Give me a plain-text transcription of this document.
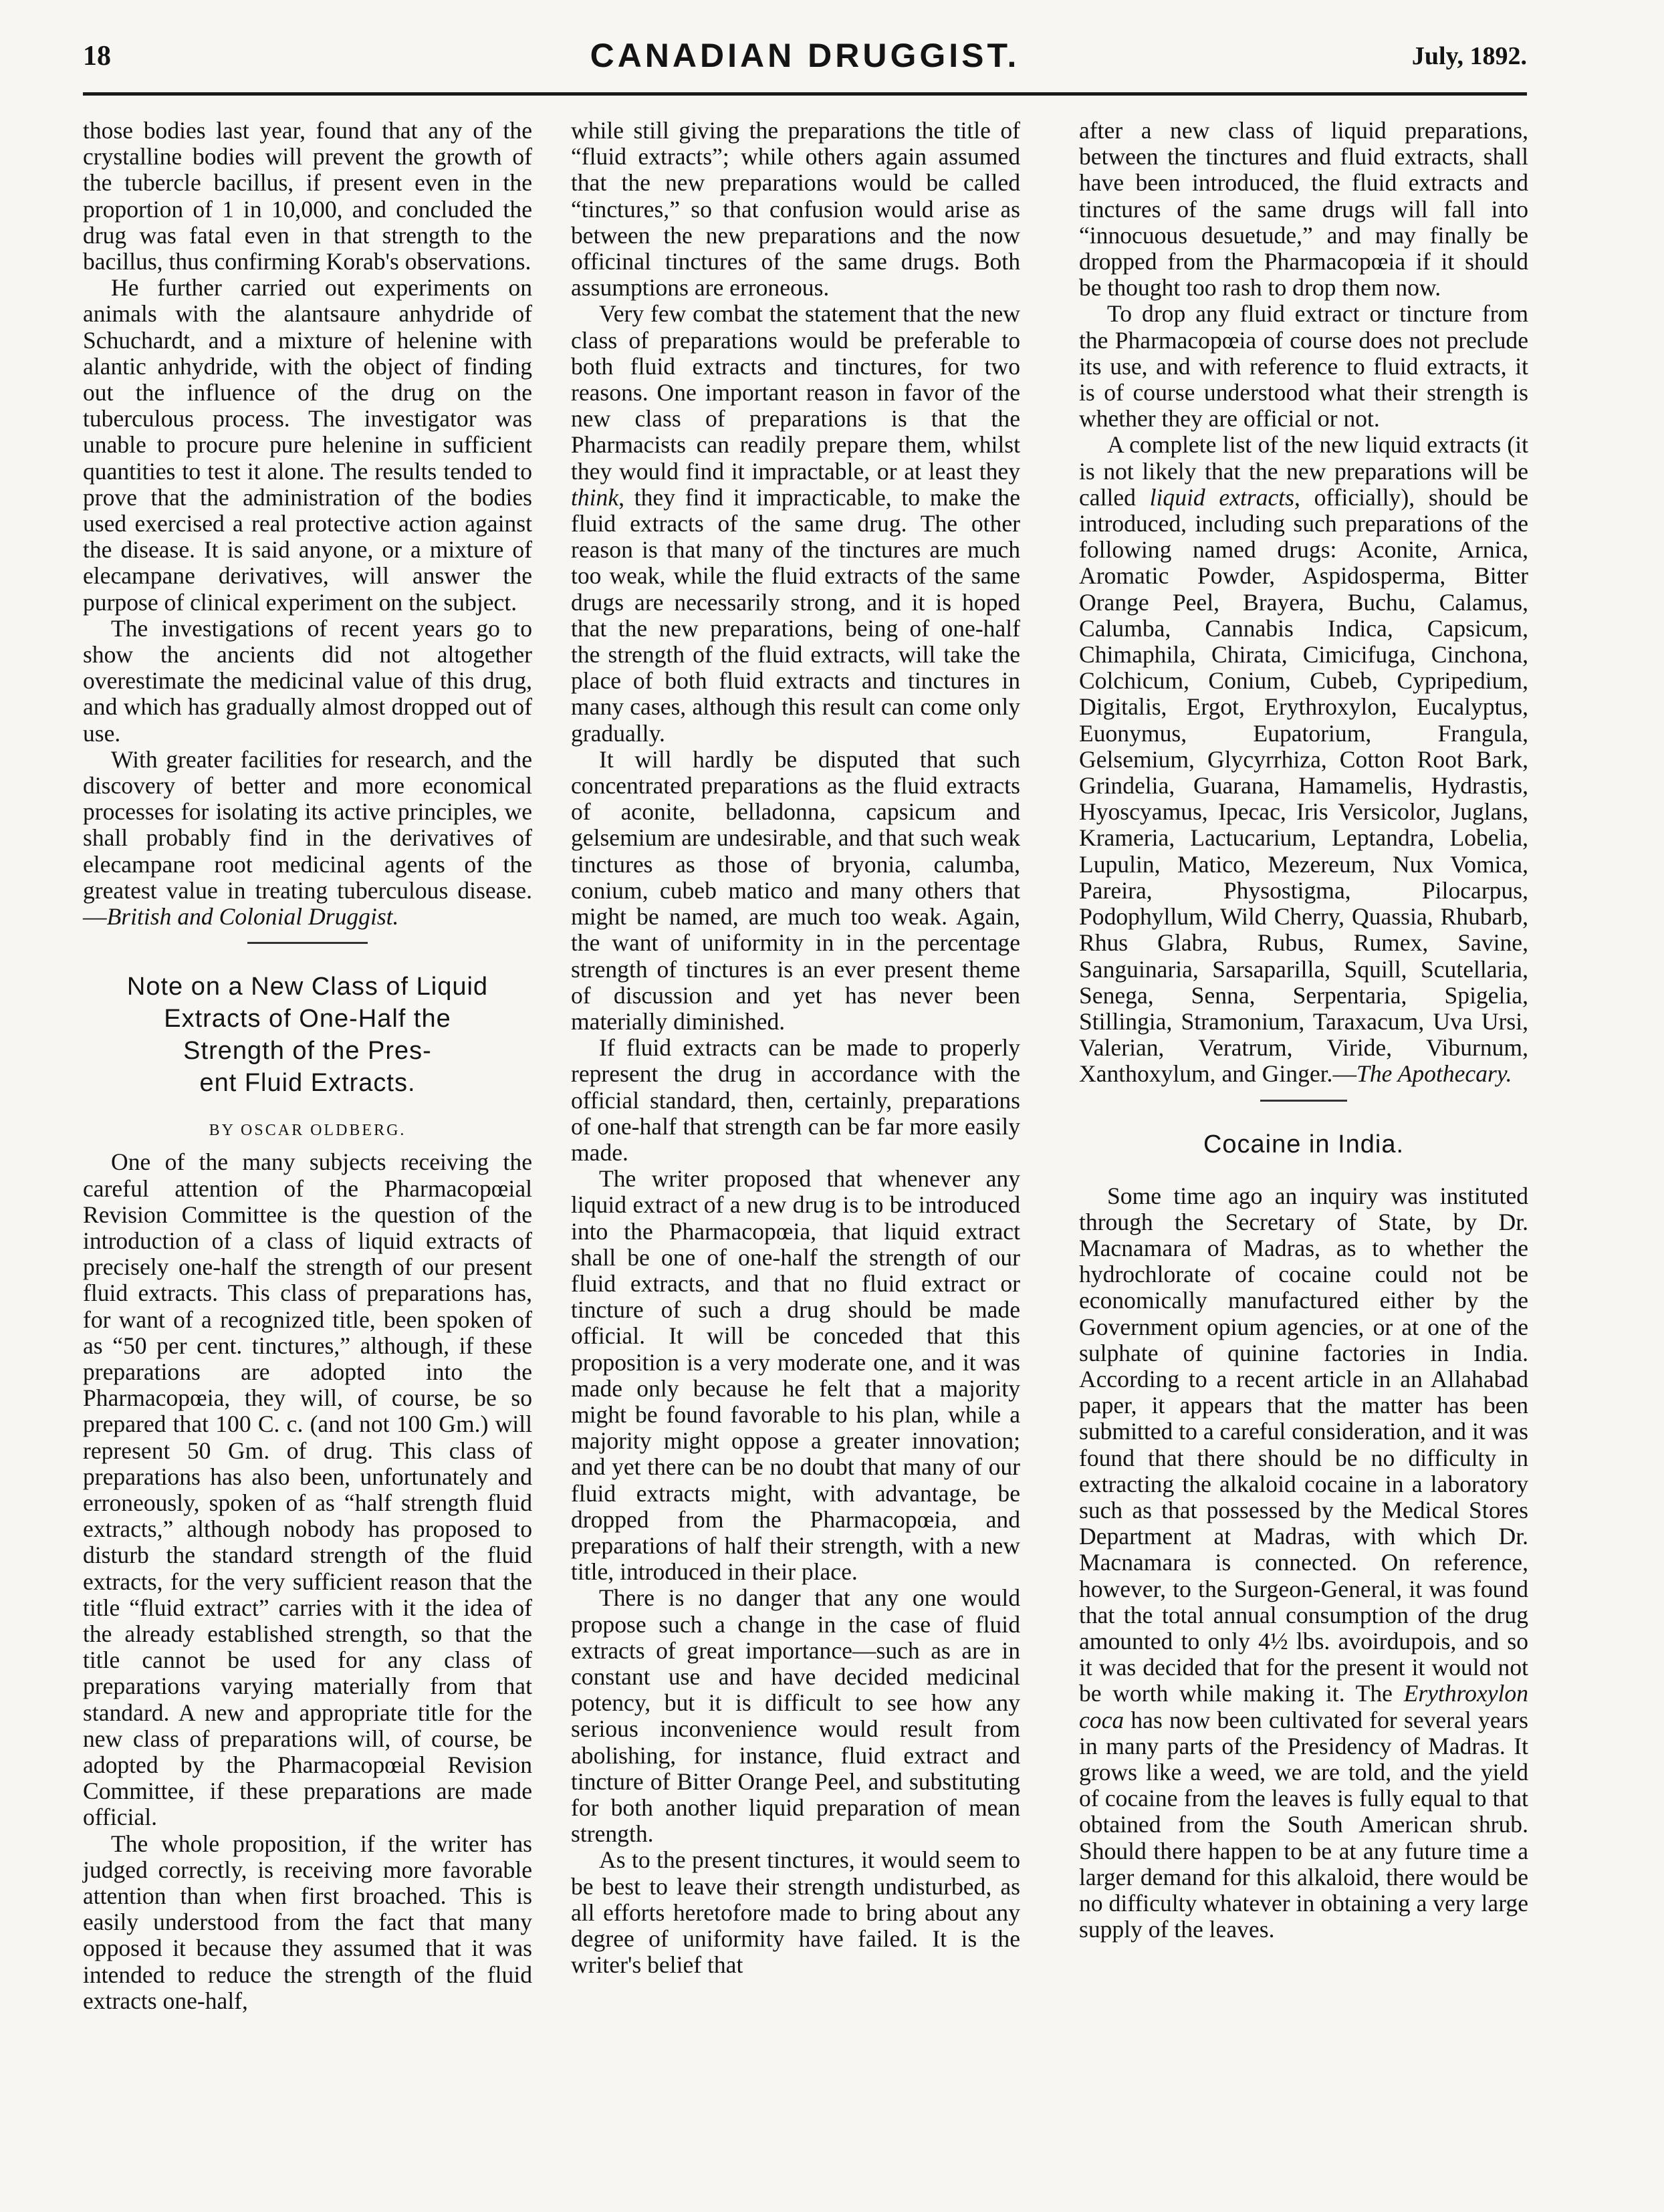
18	CANADIAN DRUGGIST.	July, 1892.

those bodies last year, found that any of the crystalline bodies will prevent the growth of the tubercle bacillus, if present even in the proportion of 1 in 10,000, and concluded the drug was fatal even in that strength to the bacillus, thus confirming Korab's observations.

He further carried out experiments on animals with the alantsaure anhydride of Schuchardt, and a mixture of helenine with alantic anhydride, with the object of finding out the influence of the drug on the tuberculous process. The investigator was unable to procure pure helenine in sufficient quantities to test it alone. The results tended to prove that the administration of the bodies used exercised a real protective action against the disease. It is said anyone, or a mixture of elecampane derivatives, will answer the purpose of clinical experiment on the subject.

The investigations of recent years go to show the ancients did not altogether overestimate the medicinal value of this drug, and which has gradually almost dropped out of use.

With greater facilities for research, and the discovery of better and more economical processes for isolating its active principles, we shall probably find in the derivatives of elecampane root medicinal agents of the greatest value in treating tuberculous disease.—British and Colonial Druggist.

Note on a New Class of Liquid
Extracts of One-Half the
Strength of the Pres-
ent Fluid Extracts.
BY OSCAR OLDBERG.

One of the many subjects receiving the careful attention of the Pharmacopœial Revision Committee is the question of the introduction of a class of liquid extracts of precisely one-half the strength of our present fluid extracts. This class of preparations has, for want of a recognized title, been spoken of as “50 per cent. tinctures,” although, if these preparations are adopted into the Pharmacopœia, they will, of course, be so prepared that 100 C. c. (and not 100 Gm.) will represent 50 Gm. of drug. This class of preparations has also been, unfortunately and erroneously, spoken of as “half strength fluid extracts,” although nobody has proposed to disturb the standard strength of the fluid extracts, for the very sufficient reason that the title “fluid extract” carries with it the idea of the already established strength, so that the title cannot be used for any class of preparations varying materially from that standard. A new and appropriate title for the new class of preparations will, of course, be adopted by the Pharmacopœial Revision Committee, if these preparations are made official.

The whole proposition, if the writer has judged correctly, is receiving more favorable attention than when first broached. This is easily understood from the fact that many opposed it because they assumed that it was intended to reduce the strength of the fluid extracts one-half,

while still giving the preparations the title of “fluid extracts”; while others again assumed that the new preparations would be called “tinctures,” so that confusion would arise as between the new preparations and the now officinal tinctures of the same drugs. Both assumptions are erroneous.

Very few combat the statement that the new class of preparations would be preferable to both fluid extracts and tinctures, for two reasons. One important reason in favor of the new class of preparations is that the Pharmacists can readily prepare them, whilst they would find it impractable, or at least they think, they find it impracticable, to make the fluid extracts of the same drug. The other reason is that many of the tinctures are much too weak, while the fluid extracts of the same drugs are necessarily strong, and it is hoped that the new preparations, being of one-half the strength of the fluid extracts, will take the place of both fluid extracts and tinctures in many cases, although this result can come only gradually.

It will hardly be disputed that such concentrated preparations as the fluid extracts of aconite, belladonna, capsicum and gelsemium are undesirable, and that such weak tinctures as those of bryonia, calumba, conium, cubeb matico and many others that might be named, are much too weak. Again, the want of uniformity in in the percentage strength of tinctures is an ever present theme of discussion and yet has never been materially diminished.

If fluid extracts can be made to properly represent the drug in accordance with the official standard, then, certainly, preparations of one-half that strength can be far more easily made.

The writer proposed that whenever any liquid extract of a new drug is to be introduced into the Pharmacopœia, that liquid extract shall be one of one-half the strength of our fluid extracts, and that no fluid extract or tincture of such a drug should be made official. It will be conceded that this proposition is a very moderate one, and it was made only because he felt that a majority might be found favorable to his plan, while a majority might oppose a greater innovation; and yet there can be no doubt that many of our fluid extracts might, with advantage, be dropped from the Pharmacopœia, and preparations of half their strength, with a new title, introduced in their place.

There is no danger that any one would propose such a change in the case of fluid extracts of great importance—such as are in constant use and have decided medicinal potency, but it is difficult to see how any serious inconvenience would result from abolishing, for instance, fluid extract and tincture of Bitter Orange Peel, and substituting for both another liquid preparation of mean strength.

As to the present tinctures, it would seem to be best to leave their strength undisturbed, as all efforts heretofore made to bring about any degree of uniformity have failed. It is the writer's belief that

after a new class of liquid preparations, between the tinctures and fluid extracts, shall have been introduced, the fluid extracts and tinctures of the same drugs will fall into “innocuous desuetude,” and may finally be dropped from the Pharmacopœia if it should be thought too rash to drop them now.

To drop any fluid extract or tincture from the Pharmacopœia of course does not preclude its use, and with reference to fluid extracts, it is of course understood what their strength is whether they are official or not.

A complete list of the new liquid extracts (it is not likely that the new preparations will be called liquid extracts, officially), should be introduced, including such preparations of the following named drugs: Aconite, Arnica, Aromatic Powder, Aspidosperma, Bitter Orange Peel, Brayera, Buchu, Calamus, Calumba, Cannabis Indica, Capsicum, Chimaphila, Chirata, Cimicifuga, Cinchona, Colchicum, Conium, Cubeb, Cypripedium, Digitalis, Ergot, Erythroxylon, Eucalyptus, Euonymus, Eupatorium, Frangula, Gelsemium, Glycyrrhiza, Cotton Root Bark, Grindelia, Guarana, Hamamelis, Hydrastis, Hyoscyamus, Ipecac, Iris Versicolor, Juglans, Krameria, Lactucarium, Leptandra, Lobelia, Lupulin, Matico, Mezereum, Nux Vomica, Pareira, Physostigma, Pilocarpus, Podophyllum, Wild Cherry, Quassia, Rhubarb, Rhus Glabra, Rubus, Rumex, Savine, Sanguinaria, Sarsaparilla, Squill, Scutellaria, Senega, Senna, Serpentaria, Spigelia, Stillingia, Stramonium, Taraxacum, Uva Ursi, Valerian, Veratrum, Viride, Viburnum, Xanthoxylum, and Ginger.—The Apothecary.

Cocaine in India.

Some time ago an inquiry was instituted through the Secretary of State, by Dr. Macnamara of Madras, as to whether the hydrochlorate of cocaine could not be economically manufactured either by the Government opium agencies, or at one of the sulphate of quinine factories in India. According to a recent article in an Allahabad paper, it appears that the matter has been submitted to a careful consideration, and it was found that there should be no difficulty in extracting the alkaloid cocaine in a laboratory such as that possessed by the Medical Stores Department at Madras, with which Dr. Macnamara is connected. On reference, however, to the Surgeon-General, it was found that the total annual consumption of the drug amounted to only 4½ lbs. avoirdupois, and so it was decided that for the present it would not be worth while making it. The Erythroxylon coca has now been cultivated for several years in many parts of the Presidency of Madras. It grows like a weed, we are told, and the yield of cocaine from the leaves is fully equal to that obtained from the South American shrub. Should there happen to be at any future time a larger demand for this alkaloid, there would be no difficulty whatever in obtaining a very large supply of the leaves.
